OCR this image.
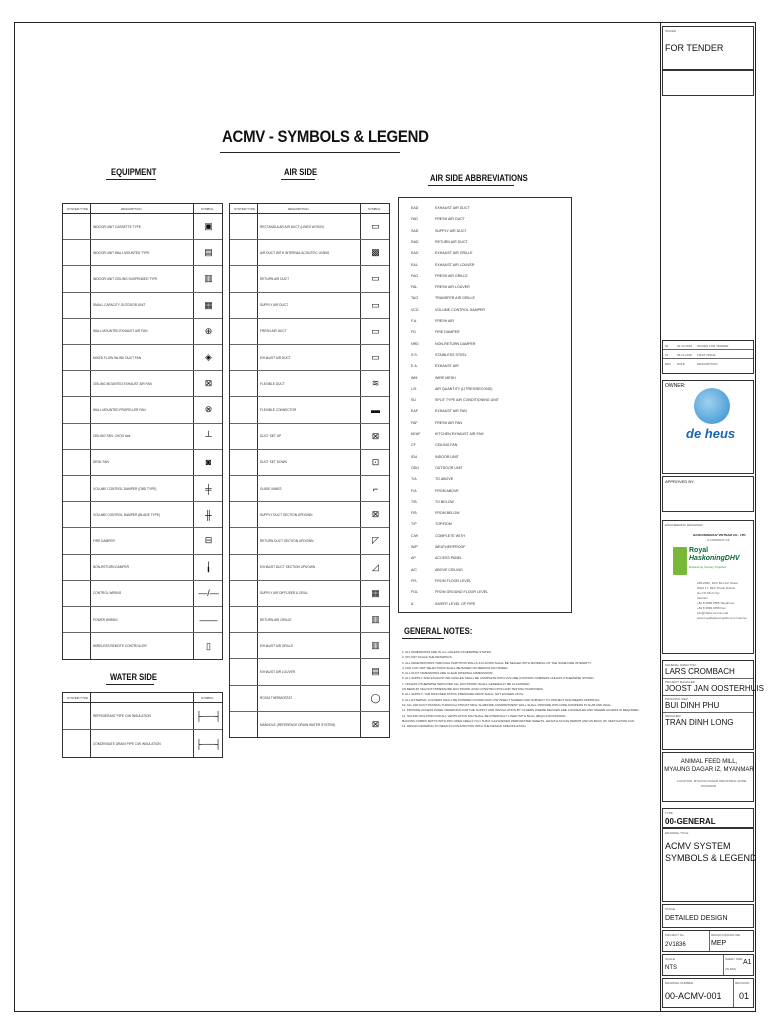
ACMV - SYMBOLS & LEGEND
EQUIPMENT	AIR SIDE
AIR SIDE ABBREVIATIONS
WATER SIDE
GENERAL NOTES:
SYSTEM TYPE	DESCRIPTION	SYMBOL
INDOOR UNIT CASSETTE TYPE	▣
INDOOR UNIT WALL MOUNTED TYPE	▤
INDOOR UNIT CEILING SUSPENDED TYPE	▥
SMALL CAPACITY OUTDOOR UNIT	▦
WALL MOUNTED EXHAUST AIR FAN	⊕
MIXED FLOW INLINE DUCT FAN	◈
CEILING MOUNTED EXHAUST AIR FAN	⊠
WALL MOUNTED PROPELLER FAN	⊗
CEILING FAN, CHOO ###	┴
DESK FAN	◙
VOLUME CONTROL DAMPER (OBD TYPE)	╪
VOLUME CONTROL DAMPER (BLADE TYPE)	╫
FIRE DAMPER	⊟
NON-RETURN DAMPER	╽
CONTROL WIRING	—/—
POWER WIRING	——
WIRELESS REMOTE CONTROLLER	▯
SYSTEM TYPE	DESCRIPTION	SYMBOL
RECTANGULAR AIR DUCT (LINED W/ BOX)	▭
AIR DUCT WITH INTERNAL ACOUSTIC LINING	▩
RETURN AIR DUCT	▭
SUPPLY AIR DUCT	▭
FRESH AIR DUCT	▭
EXHAUST AIR DUCT	▭
FLEXIBLE DUCT	≋
FLEXIBLE CONNECTOR	▬
DUCT SET UP	⊠
DUCT SET DOWN	⊡
GUIDE VANES	⌐
SUPPLY DUCT SECTION UPDOWN	⊠
RETURN DUCT SECTION UPDOWN	◸
EXHAUST DUCT SECTION UPDOWN	◿
SUPPLY AIR DIFFUSER & GRILL	▦
RETURN AIR GRILLE	▥
EXHAUST AIR GRILLE	▥
EXHAUST AIR LOUVER	▤
ROOM THERMOSTAT	◯
MANHOLE (REFERENCE DRAIN WATER SYSTEM)	⊠
SYSTEM TYPE	SYMBOL
REFRIGERANT PIPE C/W INSULATION	├──┤
CONDENSATE DRAIN PIPE C/W INSULATION	├──┤
EAD	EXHAUST AIR DUCT
FAD	FRESH AIR DUCT
SAD	SUPPLY AIR DUCT
RAD	RETURN AIR DUCT
EAG	EXHAUST AIR GRILLE
EAL	EXHAUST AIR LOUVER
FAG	FRESH AIR GRILLE
FAL	FRESH AIR LOUVER
TAG	TRANSFER AIR GRILLE
VCD	VOLUME CONTROL DAMPER
F.A.	FRESH AIR
FD	FIRE DAMPER
NRD	NON-RETURN DAMPER
S.S.	STAINLESS STEEL
E.A.	EXHAUST AIR
WM	WIRE MESH
L/S	AIR QUANTITY (LITRES/SECOND)
SU	SPLIT TYPE AIR CONDITIONING UNIT
EAF	EXHAUST AIR FAN
FAF	FRESH AIR FAN
KEAF	KITCHEN EXHAUST AIR FAN
CF	CEILING FAN
IDU	INDOOR UNIT
ODU	OUTDOOR UNIT
T/A	TO ABOVE
F/A	FROM ABOVE
T/B	TO BELOW
F/B	FROM BELOW
T/P	TOP/ROM
C/W	COMPLETE WITH
W/P	WEATHERPROOF
AP	ACCESS PANEL
A/C	ABOVE CEILING
FFL	FROM FLOOR LEVEL
FGL	FROM GROUND FLOOR LEVEL
IL	INVERT LEVEL OF PIPE
1. ALL DIMENSIONS ARE IN mm UNLESS OTHERWISE STATED.
2. DO NOT SCALE THE DRAWINGS.
3. ALL PENETRATIONS THROUGH PARTITION WALLS & FLOORS SHALL BE SEALED WITH MATERIAL OF THE SAME FIRE INTEGRITY.
4. FAN C/W UNIT SELECTIONS SHALL BE BASED ON MEDIUM FAN SPEED.
5. ALL DUCT DIMENSIONS ARE CLEAR INTERNAL DIMENSIONS.
6. ALL SUPPLY AND EXHAUST AIR GRILLES SHALL BE COMPLETE WITH VOLUME CONTROL DAMPERS UNLESS OTHERWISE STATED.
7. UNLESS OTHERWISE INDICATED ALL DUCTWORK SHALL GENERALLY BE CLASSIFIED
AS MEDIUM VELOCITY/PRESSURE DUCTWORK (FOR CONSTRUCTION AND TESTING PURPOSES).
8. ALL SUPPLY / AIR DIFFUSER STATIC PRESSURE DROP SHALL NOT EXCEED 25 Pa.
9. ALL EXTERNAL LOUVERS SHALL BE POWDER COATED AND C/W INSECT SCREEN AND SUBJECT TO PROJECT ENGINEERS APPROVAL.
10. ALL AIR DUCT PASSING THROUGH STRUCTURAL SLAB/FIRE COMPARTMENT WALL SHALL PROVIDE WITH FIRE DAMPERS IN SLAB AND WALL.
11. PROVIDE ACCESS PANEL DRAWINGS FOR THE SUPPLY AND INSTALLATION BY OTHERS WHERE DEVICES ARE CONCEALED AND WHERE ACCESS IS REQUIRED.
12. SOUND ISOLATOR FOR ALL VENTILATION FAN SHALL BE INTERNALLY LINED WITH 50mm 48kg/m3 ROCKWOOL.
BACKING FABRIC BATTS WITH 45% OPEN AREA 0.7mm THICK GALVANISED PERFORATED SHEETS, LENGTH AS FAN PERMIT AND AS BACK OF VENTILATION FAN.
13. DESIGN DRAWING TO READ IN CONJUNCTION WITH THE DESIGN SPECIFICATION.
ISSUED
FOR TENDER
02	02.12.2018 ISSUED FOR TENDER
01	06.11.2018 FIRST ISSUE
REV DATE	DESCRIPTION
OWNER:
de heus
APPROVED BY:
ENGINEERING DESIGNER:
HASKONINGDHV VIETNAM CO., LTD.
A COMPANY OF
Royal
HaskoningDHV
Enhancing Society Together
238-238C, Dinh Bo Linh Street
Ward 17, Binh Thanh District
Ho Chi Minh City
Vietnam
+84 8 3899 2585 Telephone
+84 8 3899 0358 Fax
info@rhdhv.com E-mail
www.royalhaskoningdhv.com Internet
GENERAL DIRECTOR
LARS CROMBACH
PROJECT MANAGER
JOOST JAN OOSTERHUIS
PRINCIPAL MEP
BUI DINH PHU
DESIGNER
TRAN DINH LONG
ANIMAL FEED MILL,
MYAUNG DAGAR IZ, MYANMAR
LOCATION: MYAUNG DAGAR INDUSTRIAL ZONE
MYANMAR
TYPE
00-GENERAL
DRAWING TITLE
ACMV SYSTEM
SYMBOLS & LEGEND
STAGE
DETAILED DESIGN
PROJECT No.
2V1836
DESIGN DISCIPLINE
MEP
SCALE
NTS
SHEET SIZE
(IN MM)
A1
DRAWING NUMBER
00-ACMV-001
REVISION
01
